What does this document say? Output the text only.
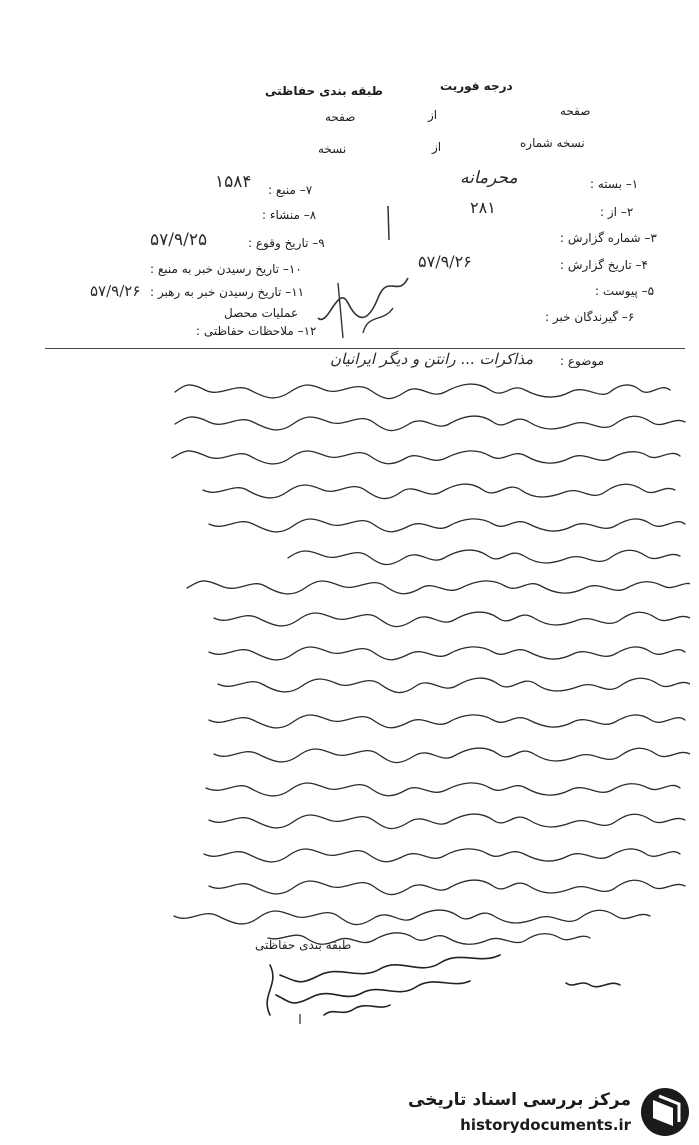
طبقه بندی حفاظتی	درجه فوریت
صفحه
از
صفحه
نسخه شماره
از
نسخه
۱– بسته :
محرمانه
۲– از :
۲۸۱
۳– شماره گزارش :
۴– تاریخ گزارش :
۵۷/۹/۲۶
۵– پیوست :
۶– گیرندگان خبر :
۷– منبع :
۱۵۸۴
۸– منشاء :
۹– تاریخ وقوع :
۵۷/۹/۲۵
۱۰– تاریخ رسیدن خبر به منبع :
۱۱– تاریخ رسیدن خبر به رهبر :
۵۷/۹/۲۶
عملیات محصل
۱۲– ملاحظات حفاظتی :
موضوع :
مذاکرات ... رانتن و دیگر ایرانیان
طبقه بندی حفاظتی
مرکز بررسی اسناد تاریخی
historydocuments.ir
